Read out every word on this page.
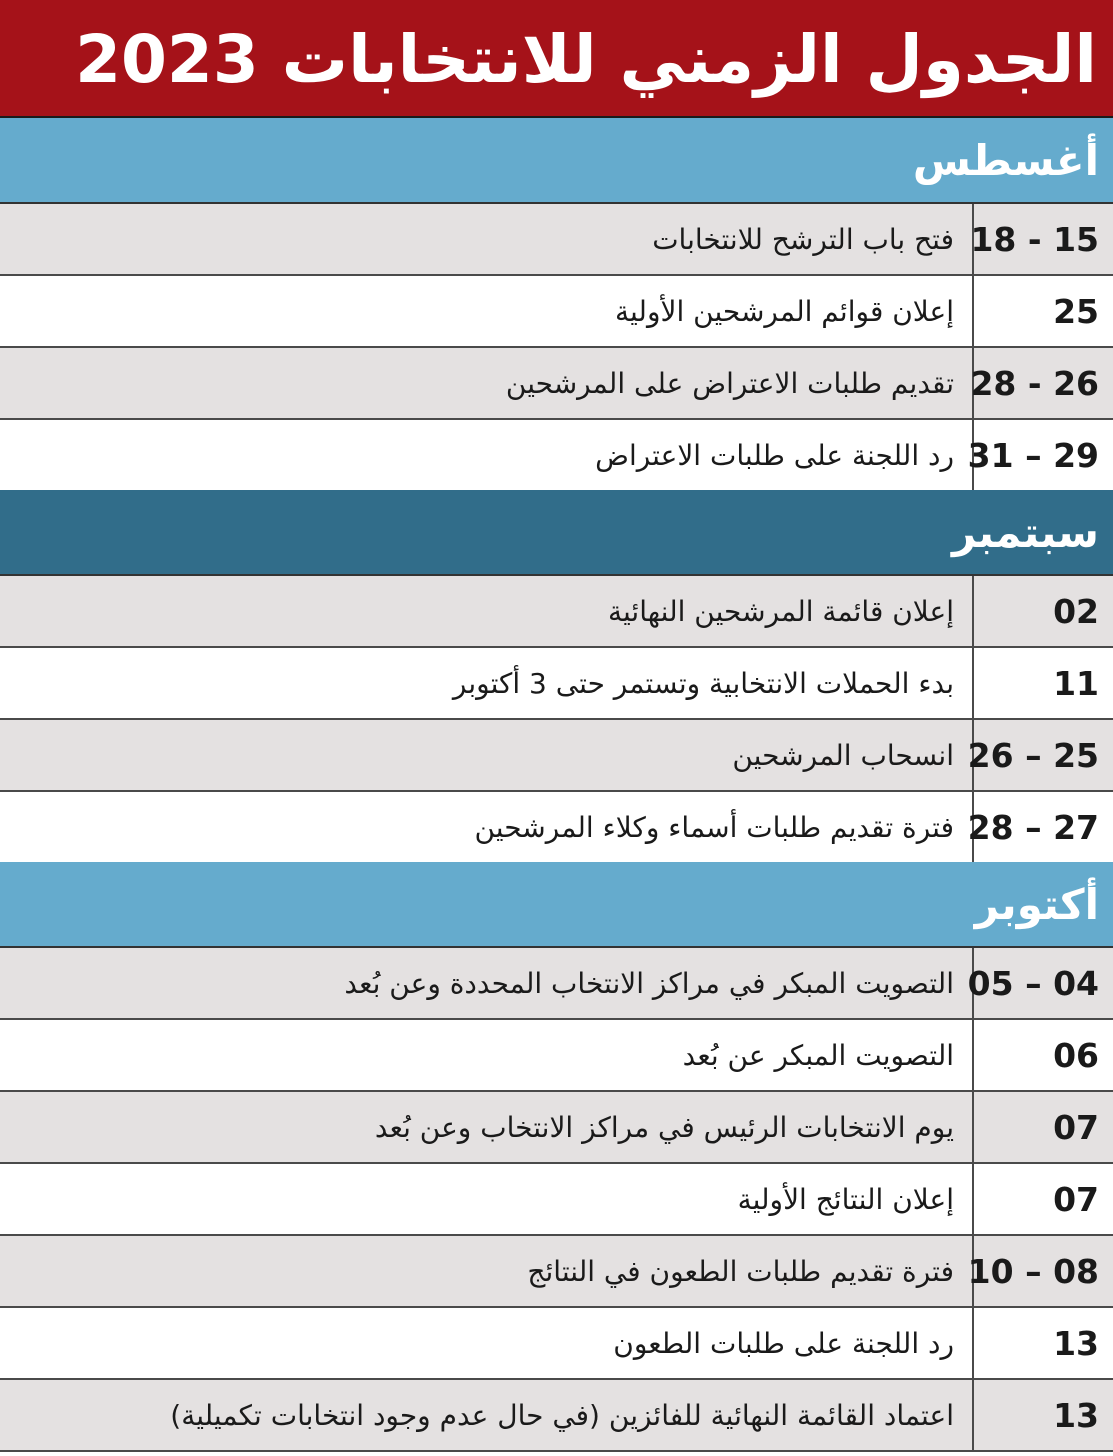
الجدول الزمني للانتخابات 2023
أغسطس
18 - 15
فتح باب الترشح للانتخابات
25
إعلان قوائم المرشحين الأولية
28 - 26
تقديم طلبات الاعتراض على المرشحين
31 – 29
رد اللجنة على طلبات الاعتراض
سبتمبر
02
إعلان قائمة المرشحين النهائية
11
بدء الحملات الانتخابية وتستمر حتى 3 أكتوبر
26 – 25
انسحاب المرشحين
28 – 27
فترة تقديم طلبات أسماء وكلاء المرشحين
أكتوبر
05 – 04
التصويت المبكر في مراكز الانتخاب المحددة وعن بُعد
06
التصويت المبكر عن بُعد
07
يوم الانتخابات الرئيس في مراكز الانتخاب وعن بُعد
07
إعلان النتائج الأولية
10 – 08
فترة تقديم طلبات الطعون في النتائج
13
رد اللجنة على طلبات الطعون
13
اعتماد القائمة النهائية للفائزين (في حال عدم وجود انتخابات تكميلية)
